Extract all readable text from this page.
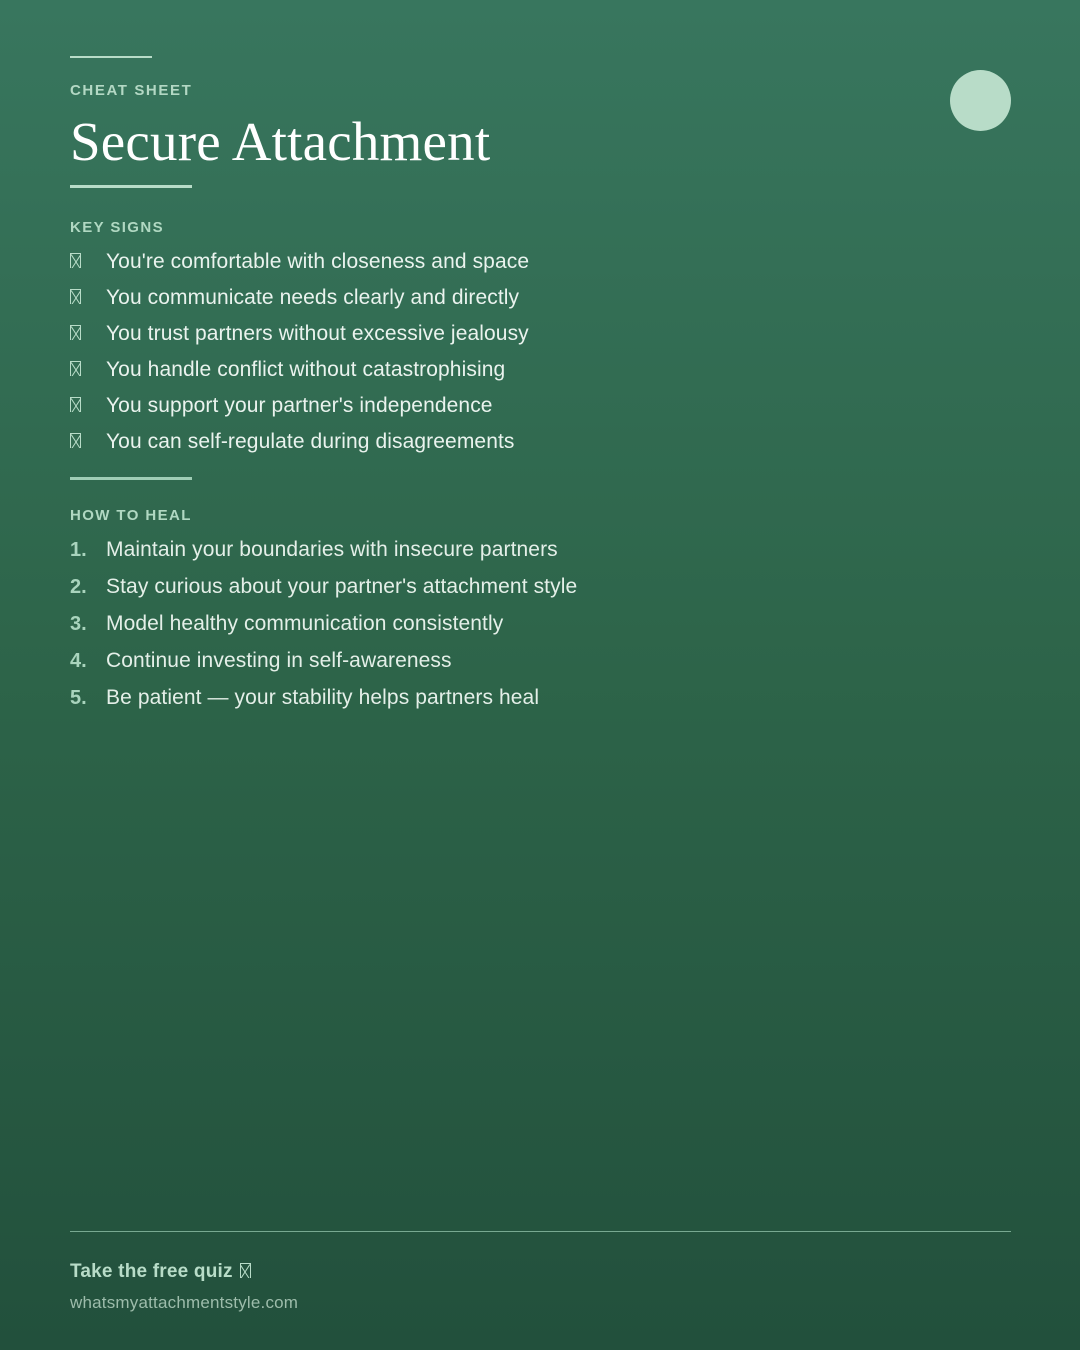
CHEAT SHEET

Secure Attachment
KEY SIGNS
You're comfortable with closeness and space
You communicate needs clearly and directly
You trust partners without excessive jealousy
You handle conflict without catastrophising
You support your partner's independence
You can self-regulate during disagreements
HOW TO HEAL
1. Maintain your boundaries with insecure partners
2. Stay curious about your partner's attachment style
3. Model healthy communication consistently
4. Continue investing in self-awareness
5. Be patient — your stability helps partners heal

Take the free quiz

whatsmyattachmentstyle.com
